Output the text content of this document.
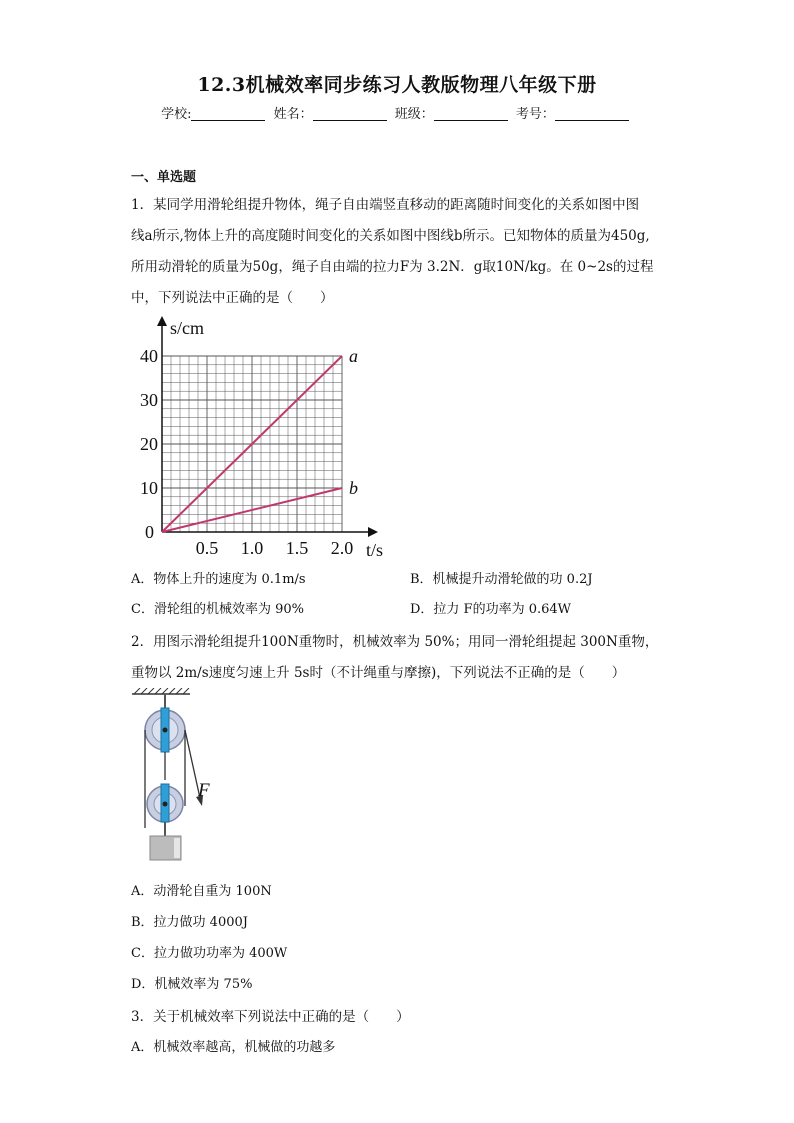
12.3机械效率同步练习人教版物理八年级下册
学校:	姓名：	班级：	考号：
一、单选题
1．某同学用滑轮组提升物体，绳子自由端竖直移动的距离随时间变化的关系如图中图
线a所示,物体上升的高度随时间变化的关系如图中图线b所示。已知物体的质量为450g,
所用动滑轮的质量为50g，绳子自由端的拉力F为 3.2N．g取10N/kg。在 0~2s的过程
中，下列说法中正确的是（　　）
a
b
0.5 1.0 1.5 2.0
10
20
30
40
0
t/s
s/cm
A．物体上升的速度为 0.1m/s	B．机械提升动滑轮做的功 0.2J
C．滑轮组的机械效率为 90%	D．拉力 F的功率为 0.64W
2．用图示滑轮组提升100N重物时，机械效率为 50%；用同一滑轮组提起 300N重物，
重物以 2m/s速度匀速上升 5s时（不计绳重与摩擦)，下列说法不正确的是（　　）
F
A．动滑轮自重为 100N
B．拉力做功 4000J
C．拉力做功功率为 400W
D．机械效率为 75%
3．关于机械效率下列说法中正确的是（　　）
A．机械效率越高，机械做的功越多
